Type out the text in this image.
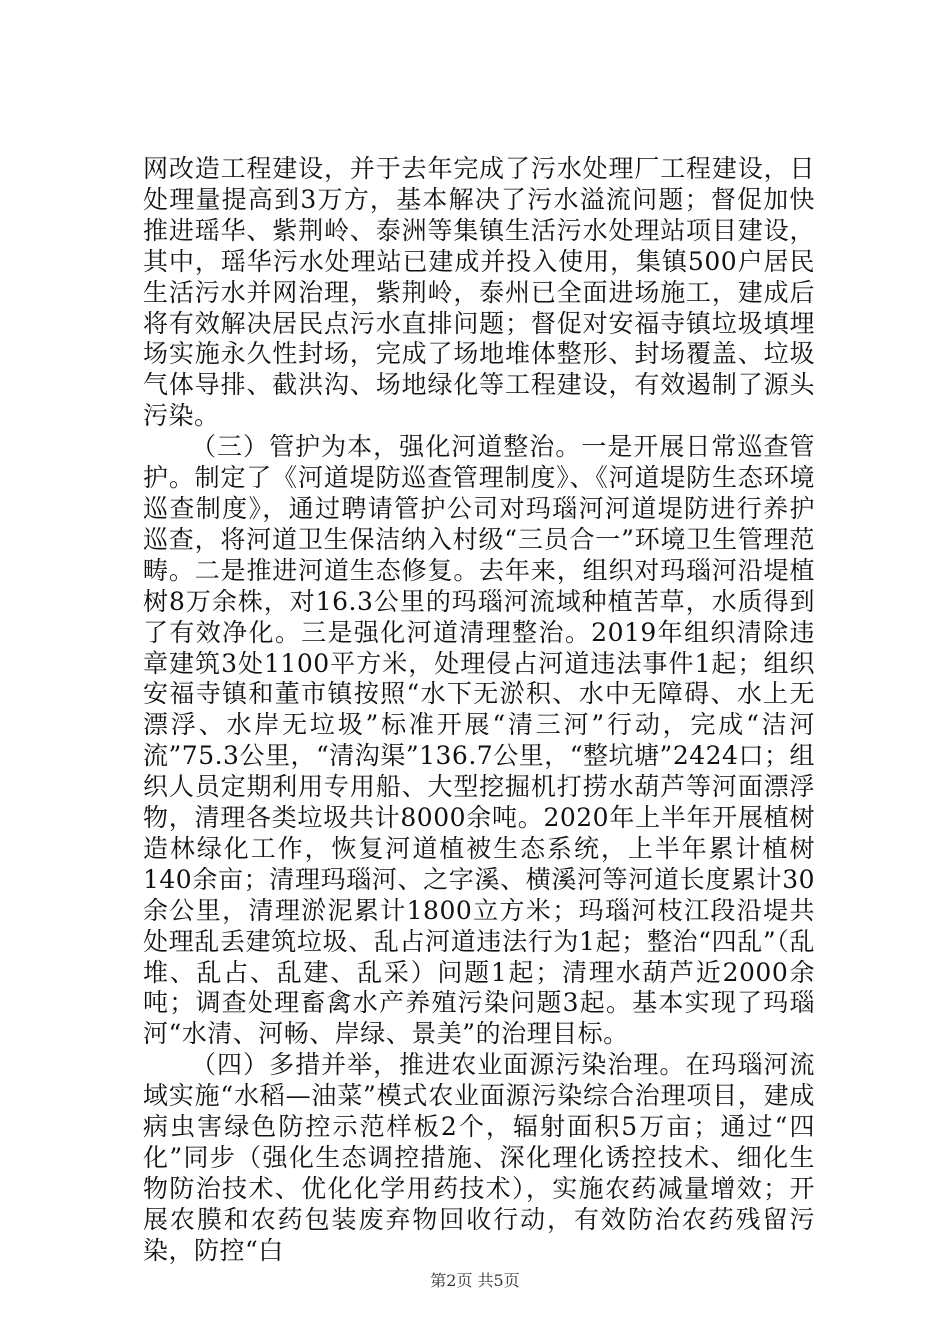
网改造工程建设，并于去年完成了污水处理厂工程建设，日处理量提高到3万方，基本解决了污水溢流问题；督促加快推进瑶华、紫荆岭、泰洲等集镇生活污水处理站项目建设，其中，瑶华污水处理站已建成并投入使用，集镇500户居民生活污水并网治理，紫荆岭，泰州已全面进场施工，建成后将有效解决居民点污水直排问题；督促对安福寺镇垃圾填埋场实施永久性封场，完成了场地堆体整形、封场覆盖、垃圾气体导排、截洪沟、场地绿化等工程建设，有效遏制了源头污染。

（三）管护为本，强化河道整治。一是开展日常巡查管护。制定了《河道堤防巡查管理制度》、《河道堤防生态环境巡查制度》，通过聘请管护公司对玛瑙河河道堤防进行养护巡查，将河道卫生保洁纳入村级“三员合一”环境卫生管理范畴。二是推进河道生态修复。去年来，组织对玛瑙河沿堤植树8万余株，对16.3公里的玛瑙河流域种植苦草，水质得到了有效净化。三是强化河道清理整治。2019年组织清除违章建筑3处1100平方米，处理侵占河道违法事件1起；组织安福寺镇和董市镇按照“水下无淤积、水中无障碍、水上无漂浮、水岸无垃圾”标准开展“清三河”行动，完成“洁河流”75.3公里，“清沟渠”136.7公里，“整坑塘”2424口；组织人员定期利用专用船、大型挖掘机打捞水葫芦等河面漂浮物，清理各类垃圾共计8000余吨。2020年上半年开展植树造林绿化工作，恢复河道植被生态系统，上半年累计植树140余亩；清理玛瑙河、之字溪、横溪河等河道长度累计30余公里，清理淤泥累计1800立方米；玛瑙河枝江段沿堤共处理乱丢建筑垃圾、乱占河道违法行为1起；整治“四乱”（乱堆、乱占、乱建、乱采）问题1起；清理水葫芦近2000余吨；调查处理畜禽水产养殖污染问题3起。基本实现了玛瑙河“水清、河畅、岸绿、景美”的治理目标。

（四）多措并举，推进农业面源污染治理。在玛瑙河流域实施“水稻—油菜”模式农业面源污染综合治理项目，建成病虫害绿色防控示范样板2个，辐射面积5万亩；通过“四化”同步（强化生态调控措施、深化理化诱控技术、细化生物防治技术、优化化学用药技术），实施农药减量增效；开展农膜和农药包装废弃物回收行动，有效防治农药残留污染，防控“白

第2页 共5页
